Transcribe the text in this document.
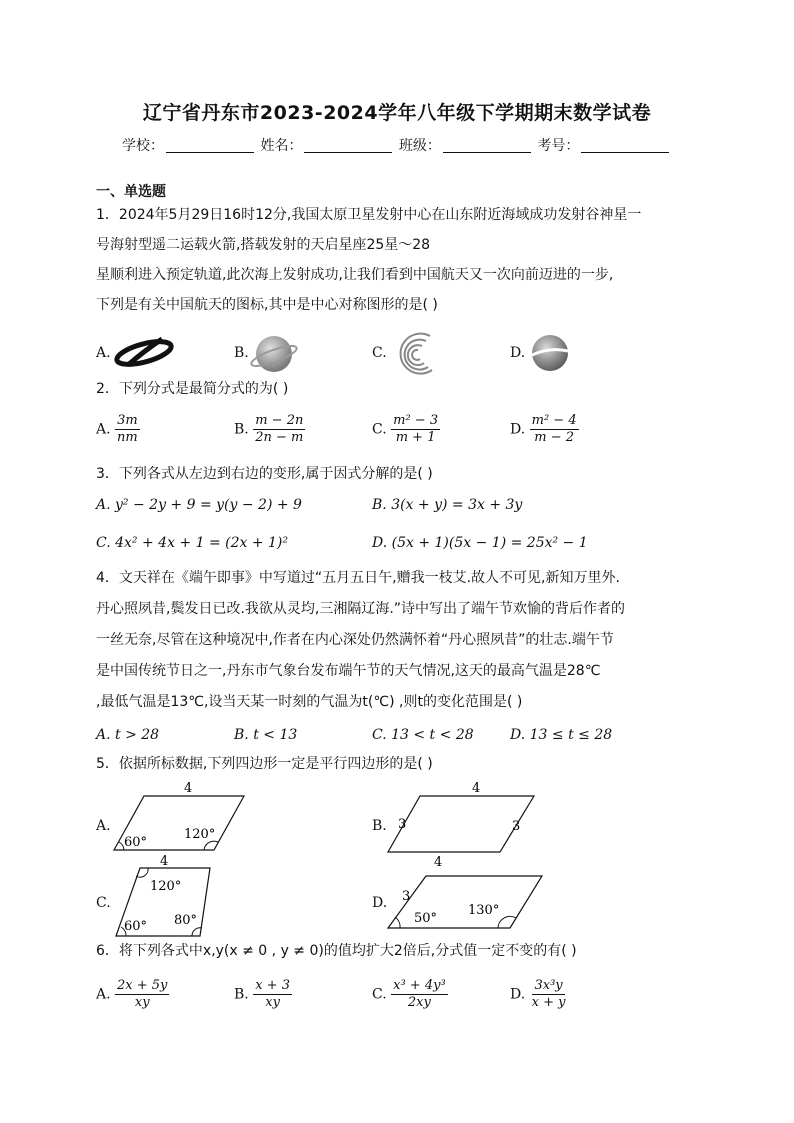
辽宁省丹东市2023-2024学年八年级下学期期末数学试卷
学校：	姓名：	班级：	考号：
一、单选题

1．2024年5月29日16时12分,我国太原卫星发射中心在山东附近海域成功发射谷神星一

号海射型遥二运载火箭,搭载发射的天启星座25星～28

星顺利进入预定轨道,此次海上发射成功,让我们看到中国航天又一次向前迈进的一步,

下列是有关中国航天的图标,其中是中心对称图形的是( )

A.	B.	C.	D.

2．下列分式是最简分式的为( )

A. $\frac{3m}{nm}$	B. $\frac{m - 2n}{2n - m}$	C. $\frac{\text{m² − 3}}{m + 1}$	D. $\frac{\text{m² − 4}}{m - 2}$

3．下列各式从左边到右边的变形,属于因式分解的是( )

A. y² − 2y + 9 = y(y − 2) + 9	B. 3(x + y) = 3x + 3y
C. 4x² + 4x + 1 = (2x + 1)²	D. (5x + 1)(5x − 1) = 25x² − 1

4．文天祥在《端午即事》中写道过“五月五日午,赠我一枝艾.故人不可见,新知万里外.

丹心照夙昔,鬓发日已改.我欲从灵均,三湘隔辽海.”诗中写出了端午节欢愉的背后作者的

一丝无奈,尽管在这种境况中,作者在内心深处仍然满怀着“丹心照夙昔”的壮志.端午节

是中国传统节日之一,丹东市气象台发布端午节的天气情况,这天的最高气温是28℃

,最低气温是13℃,设当天某一时刻的气温为t(℃) ,则t的变化范围是( )

A. t > 28	B. t < 13	C. 13 < t < 28	D. 13 ≤ t ≤ 28

5．依据所标数据,下列四边形一定是平行四边形的是( )

A.
4
60°
120°
B.
4
3	3
4
C.
4
120°
60° 80°
D. 3
50°
130°

6．将下列各式中x,y(x ≠ 0 , y ≠ 0)的值均扩大2倍后,分式值一定不变的有( )

A. $\frac{2x + 5y}{xy}$	B. $\frac{x + 3}{xy}$	C. $\frac{\text{x³ + 4y³}}{2xy}$	D. $\frac{\text{3x³y}}{x + y}$
